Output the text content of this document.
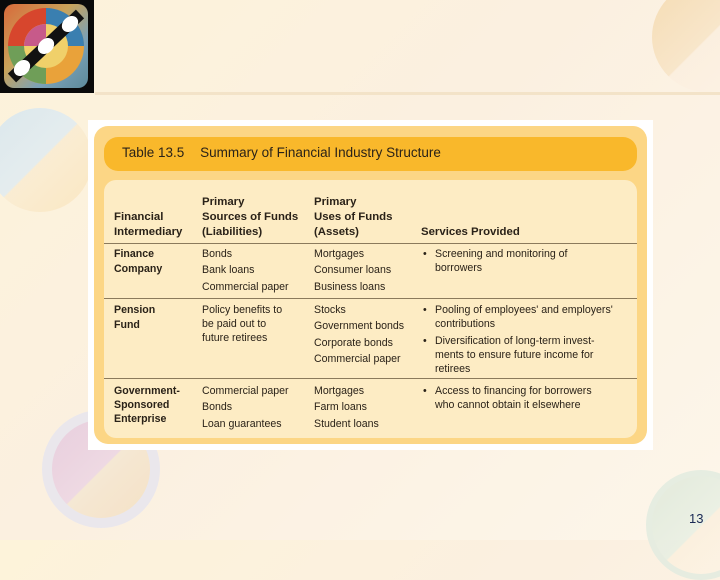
Table 13.5 Summary of Financial Industry Structure
Financial
Intermediary
Primary
Sources of Funds
(Liabilities)
Primary
Uses of Funds
(Assets)	Services Provided
Finance
Company
Bonds
Bank loans
Commercial paper
Mortgages
Consumer loans
Business loans
• Screening and monitoring of
borrowers
Pension
Fund
Policy benefits to
be paid out to
future retirees
Stocks
Government bonds
Corporate bonds
Commercial paper
• Pooling of employees' and employers'
contributions
• Diversification of long-term invest-
ments to ensure future income for
retirees
Government-
Sponsored
Enterprise
Commercial paper
Bonds
Loan guarantees
Mortgages
Farm loans
Student loans
• Access to financing for borrowers
who cannot obtain it elsewhere
13
